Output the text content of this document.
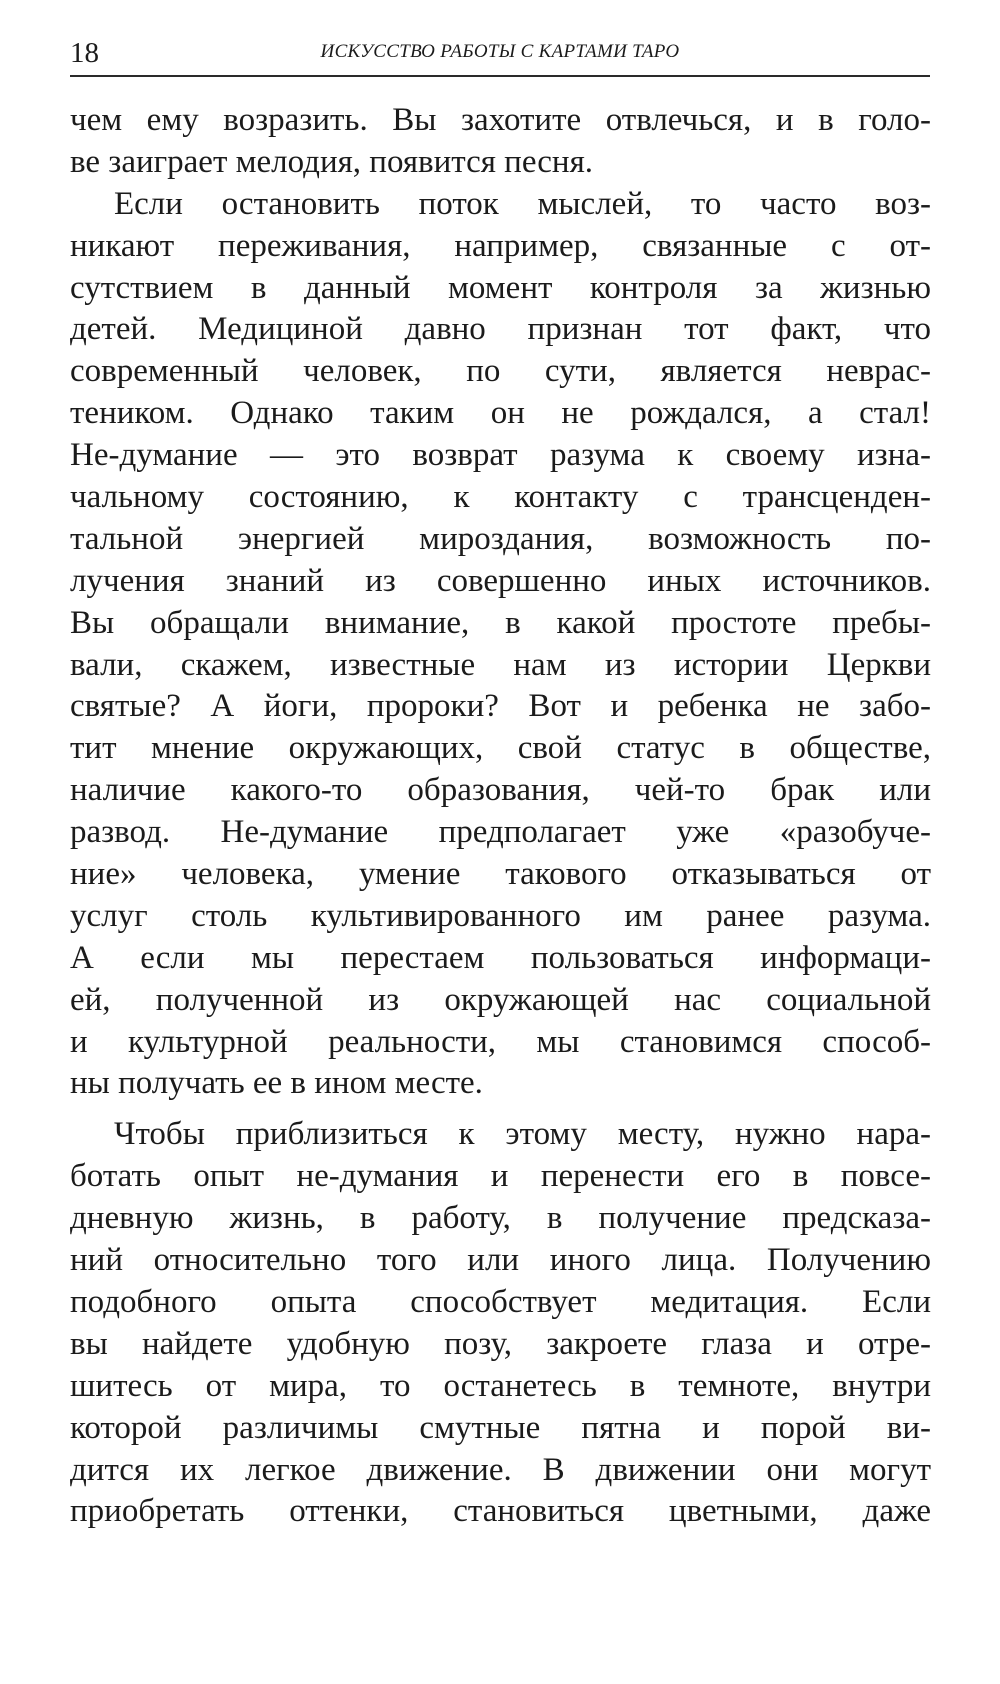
18	ИСКУССТВО РАБОТЫ С КАРТАМИ ТАРО
чем ему возразить. Вы захотите отвлечься, и в голо-
ве заиграет мелодия, появится песня.
Если остановить поток мыслей, то часто воз-
никают переживания, например, связанные с от-
сутствием в данный момент контроля за жизнью
детей. Медициной давно признан тот факт, что
современный человек, по сути, является неврас-
теником. Однако таким он не рождался, а стал!
Не-думание — это возврат разума к своему изна-
чальному состоянию, к контакту с трансценден-
тальной энергией мироздания, возможность по-
лучения знаний из совершенно иных источников.
Вы обращали внимание, в какой простоте пребы-
вали, скажем, известные нам из истории Церкви
святые? А йоги, пророки? Вот и ребенка не забо-
тит мнение окружающих, свой статус в обществе,
наличие какого-то образования, чей-то брак или
развод. Не-думание предполагает уже «разобуче-
ние» человека, умение такового отказываться от
услуг столь культивированного им ранее разума.
А если мы перестаем пользоваться информаци-
ей, полученной из окружающей нас социальной
и культурной реальности, мы становимся способ-
ны получать ее в ином месте.
Чтобы приблизиться к этому месту, нужно нара-
ботать опыт не-думания и перенести его в повсе-
дневную жизнь, в работу, в получение предсказа-
ний относительно того или иного лица. Получению
подобного опыта способствует медитация. Если
вы найдете удобную позу, закроете глаза и отре-
шитесь от мира, то останетесь в темноте, внутри
которой различимы смутные пятна и порой ви-
дится их легкое движение. В движении они могут
приобретать оттенки, становиться цветными, даже
